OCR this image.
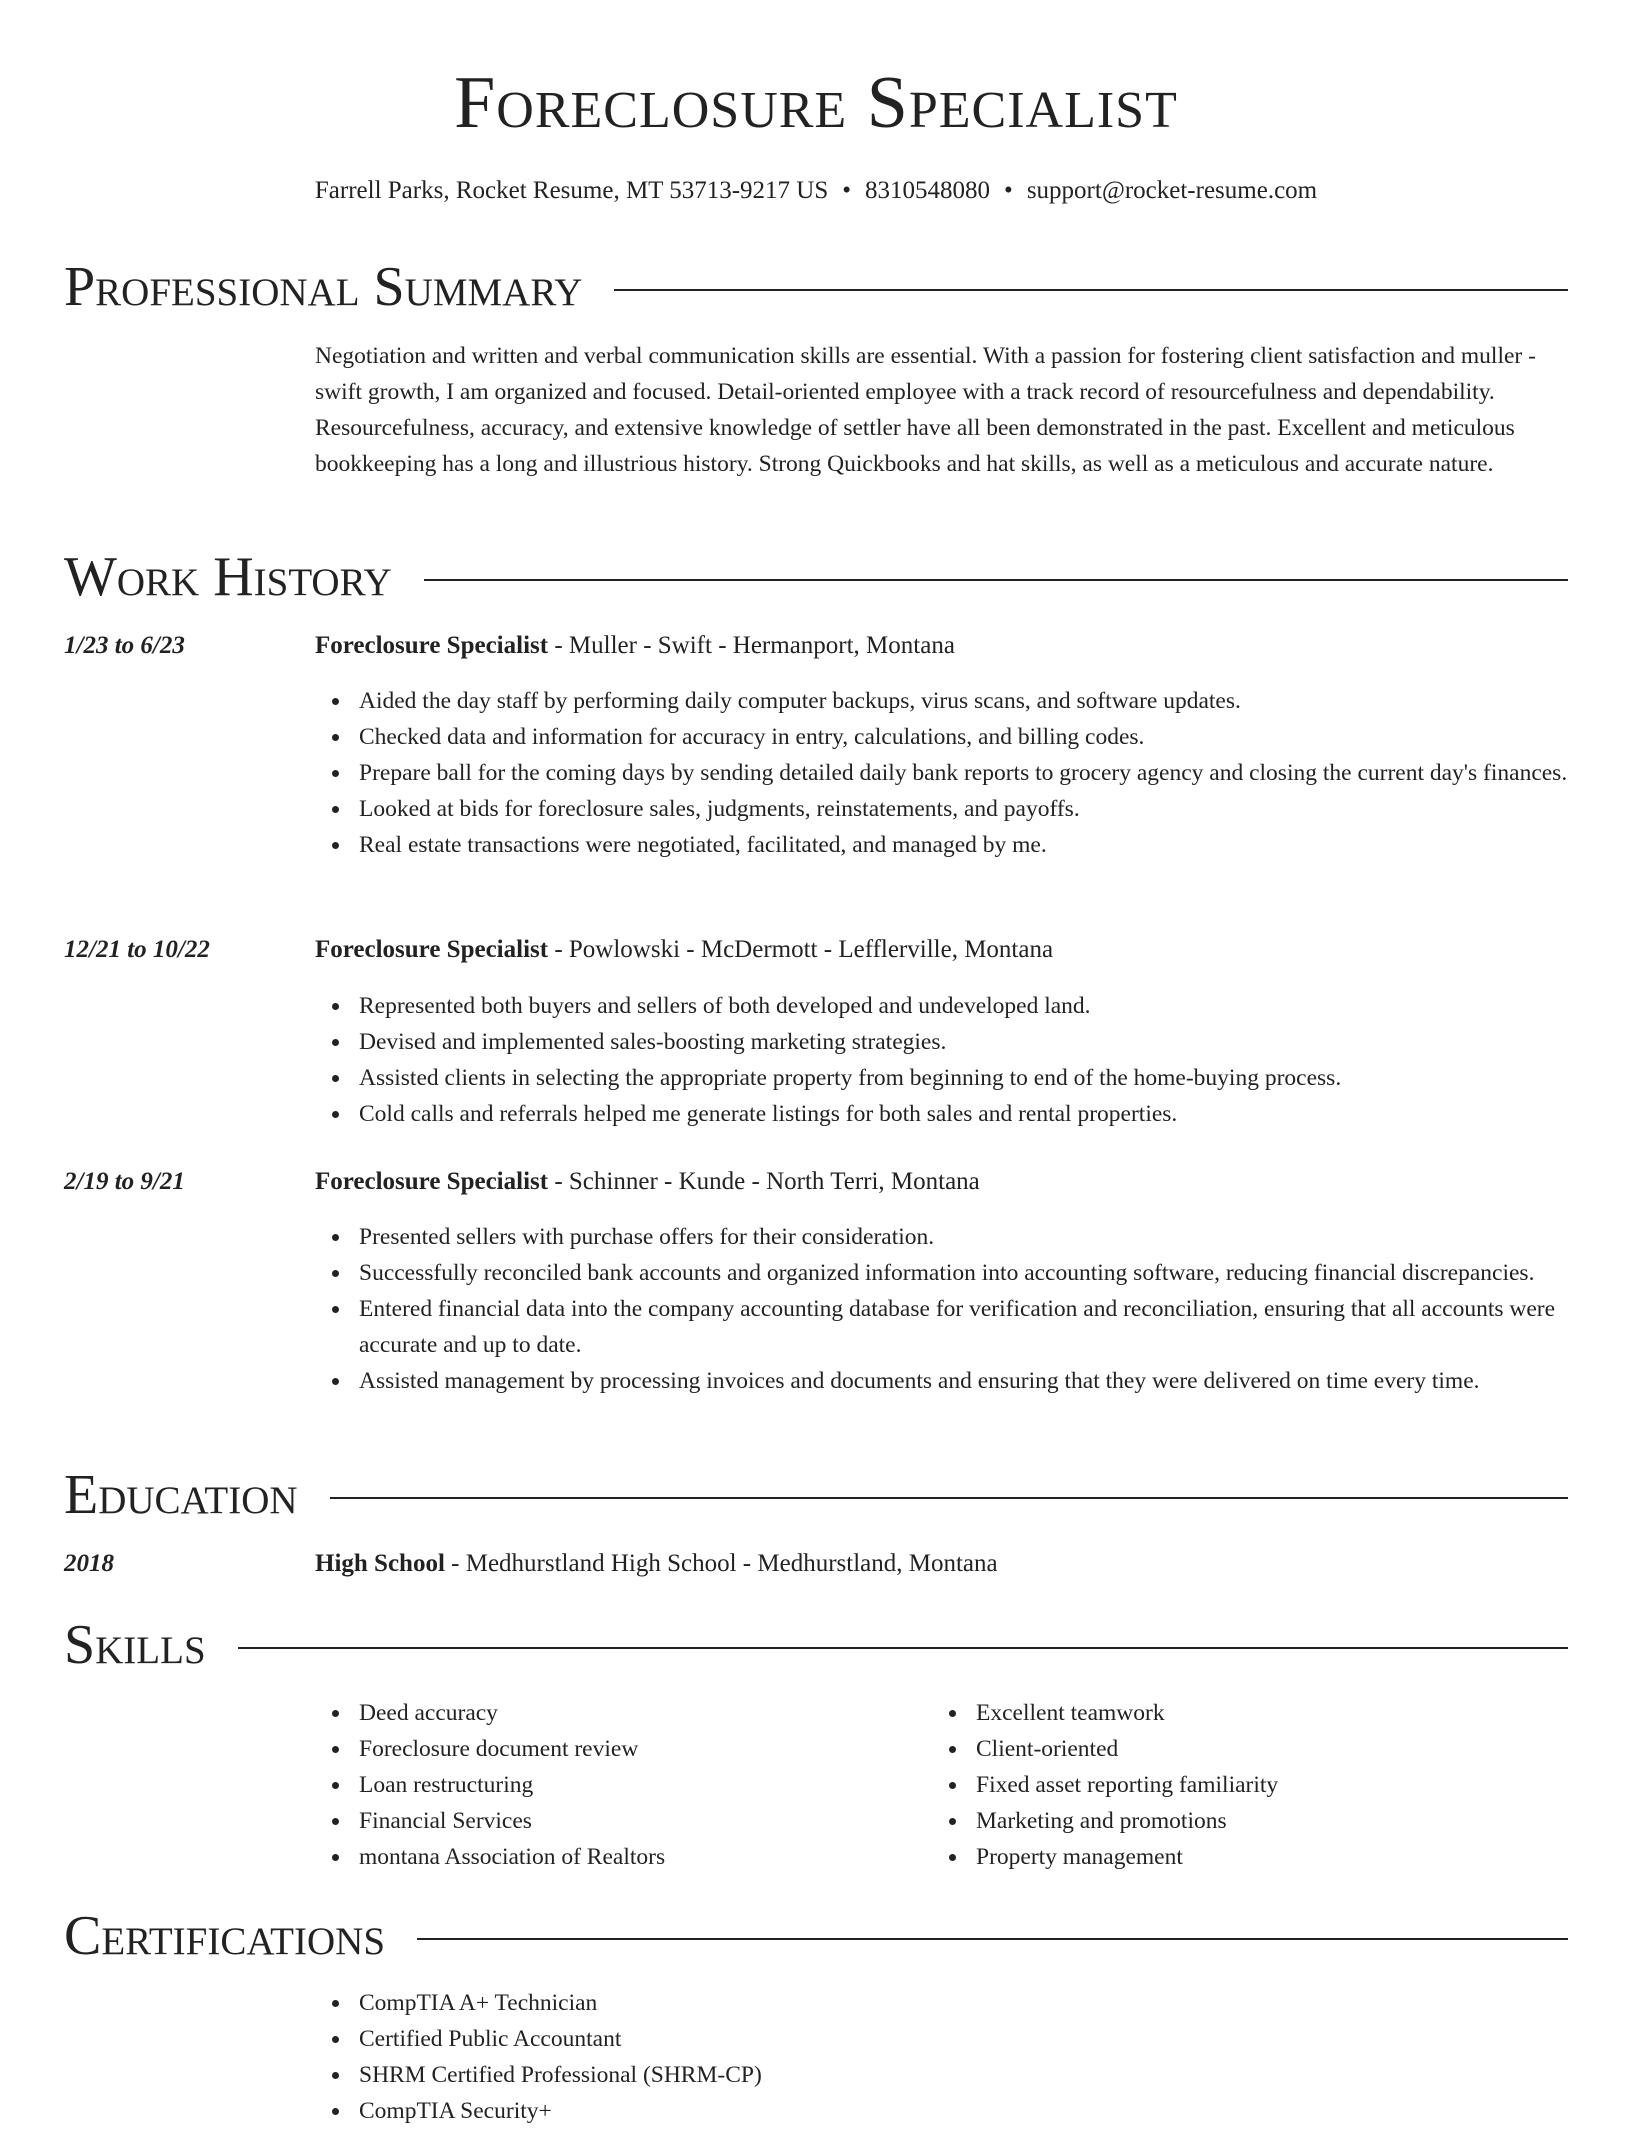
Foreclosure Specialist
Farrell Parks, Rocket Resume, MT 53713-9217 US • 8310548080 • support@rocket-resume.com
Professional Summary

Negotiation and written and verbal communication skills are essential. With a passion for fostering client satisfaction and muller - swift growth, I am organized and focused. Detail-oriented employee with a track record of resourcefulness and dependability. Resourcefulness, accuracy, and extensive knowledge of settler have all been demonstrated in the past. Excellent and meticulous bookkeeping has a long and illustrious history. Strong Quickbooks and hat skills, as well as a meticulous and accurate nature.

Work History
1/23 to 6/23	Foreclosure Specialist - Muller - Swift - Hermanport, Montana
Aided the day staff by performing daily computer backups, virus scans, and software updates.
Checked data and information for accuracy in entry, calculations, and billing codes.
Prepare ball for the coming days by sending detailed daily bank reports to grocery agency and closing the current day's finances.
Looked at bids for foreclosure sales, judgments, reinstatements, and payoffs.
Real estate transactions were negotiated, facilitated, and managed by me.
12/21 to 10/22	Foreclosure Specialist - Powlowski - McDermott - Lefflerville, Montana
Represented both buyers and sellers of both developed and undeveloped land.
Devised and implemented sales-boosting marketing strategies.
Assisted clients in selecting the appropriate property from beginning to end of the home-buying process.
Cold calls and referrals helped me generate listings for both sales and rental properties.
2/19 to 9/21	Foreclosure Specialist - Schinner - Kunde - North Terri, Montana
Presented sellers with purchase offers for their consideration.
Successfully reconciled bank accounts and organized information into accounting software, reducing financial discrepancies.
Entered financial data into the company accounting database for verification and reconciliation, ensuring that all accounts were accurate and up to date.
Assisted management by processing invoices and documents and ensuring that they were delivered on time every time.
Education
2018	High School - Medhurstland High School - Medhurstland, Montana
Skills
Deed accuracy
Foreclosure document review
Loan restructuring
Financial Services
montana Association of Realtors
Excellent teamwork
Client-oriented
Fixed asset reporting familiarity
Marketing and promotions
Property management
Certifications
CompTIA A+ Technician
Certified Public Accountant
SHRM Certified Professional (SHRM-CP)
CompTIA Security+
